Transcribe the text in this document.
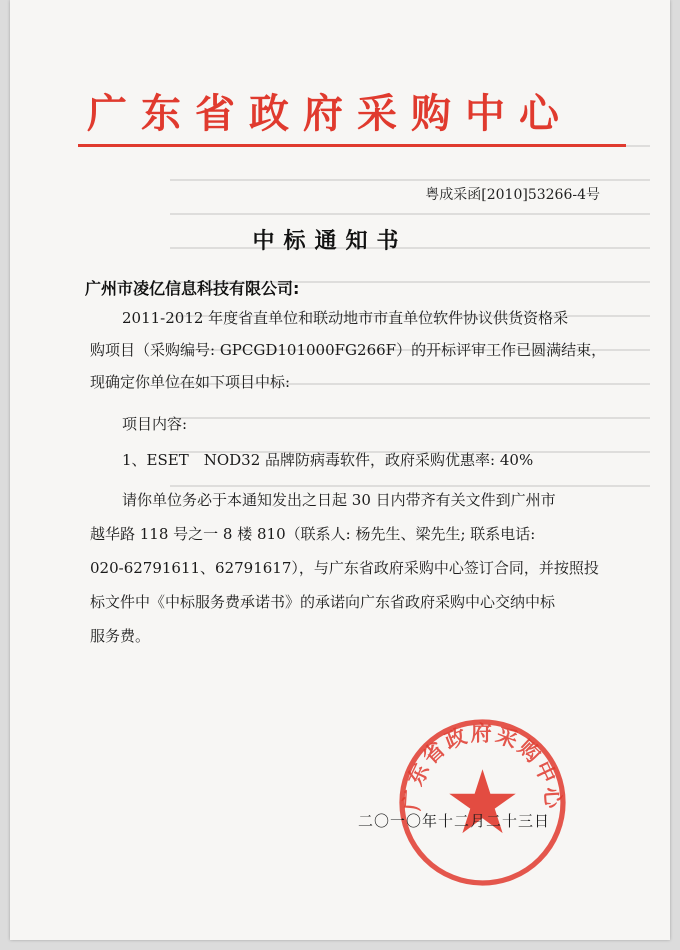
广东省政府采购中心
粤成采函[2010]53266-4号
中标通知书
广州市凌亿信息科技有限公司:
2011-2012 年度省直单位和联动地市市直单位软件协议供货资格采
购项目（采购编号: GPCGD101000FG266F）的开标评审工作已圆满结束，
现确定你单位在如下项目中标:
项目内容:
1、ESET　NOD32 品牌防病毒软件，政府采购优惠率: 40%
请你单位务必于本通知发出之日起 30 日内带齐有关文件到广州市
越华路 118 号之一 8 楼 810（联系人: 杨先生、梁先生; 联系电话:
020-62791611、62791617），与广东省政府采购中心签订合同，并按照投
标文件中《中标服务费承诺书》的承诺向广东省政府采购中心交纳中标
服务费。
广东省政府采购中心
二〇一〇年十二月二十三日
